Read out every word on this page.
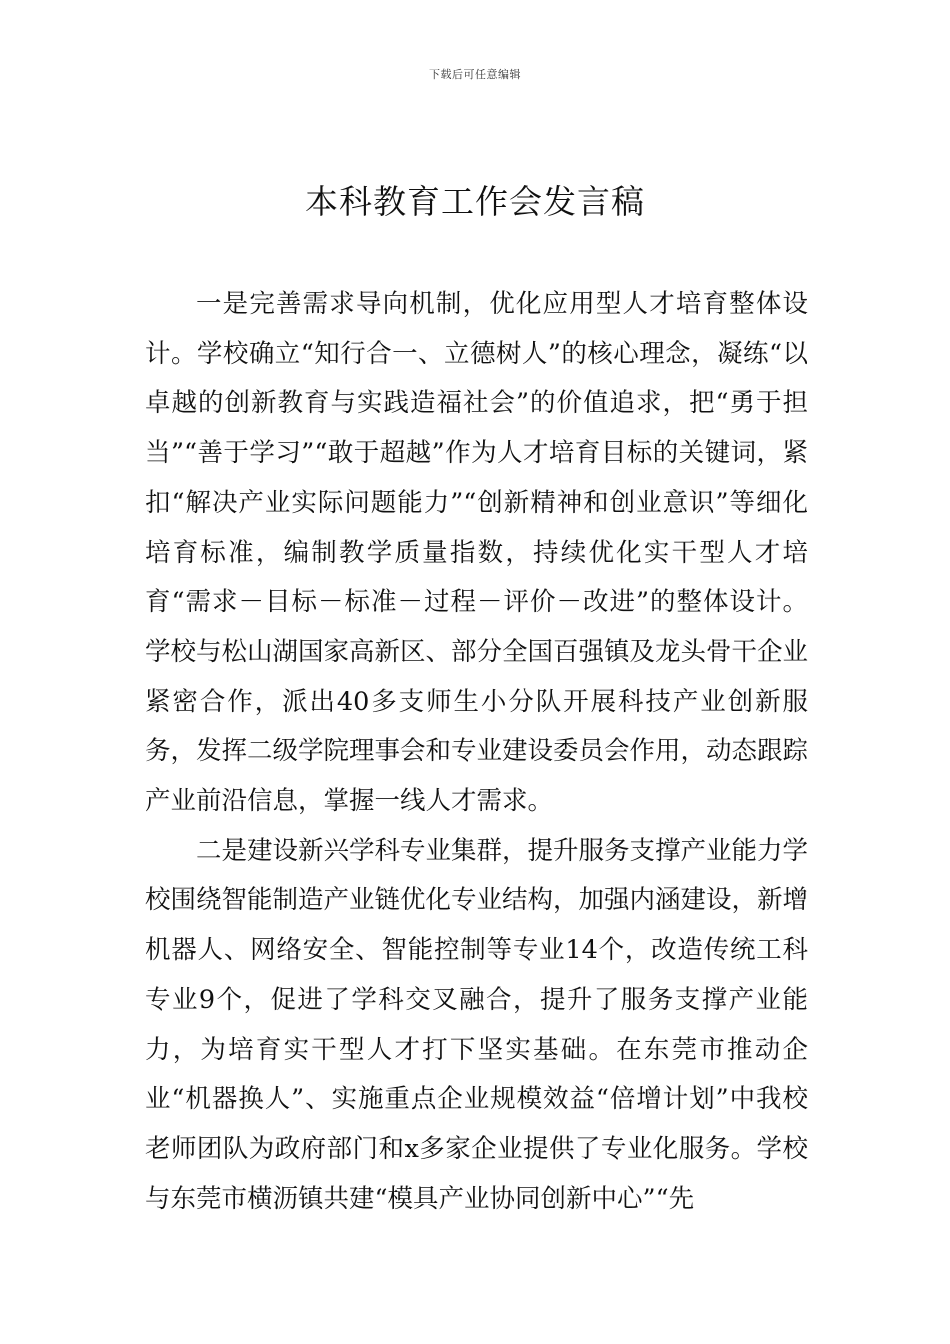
下载后可任意编辑
本科教育工作会发言稿

一是完善需求导向机制，优化应用型人才培育整体设计。学校确立“知行合一、立德树人”的核心理念，凝练“以卓越的创新教育与实践造福社会”的价值追求，把“勇于担当”“善于学习”“敢于超越”作为人才培育目标的关键词，紧扣“解决产业实际问题能力”“创新精神和创业意识”等细化培育标准，编制教学质量指数，持续优化实干型人才培育“需求－目标－标准－过程－评价－改进”的整体设计。学校与松山湖国家高新区、部分全国百强镇及龙头骨干企业紧密合作，派出40多支师生小分队开展科技产业创新服务，发挥二级学院理事会和专业建设委员会作用，动态跟踪产业前沿信息，掌握一线人才需求。

二是建设新兴学科专业集群，提升服务支撑产业能力学校围绕智能制造产业链优化专业结构，加强内涵建设，新增机器人、网络安全、智能控制等专业14个，改造传统工科专业9个，促进了学科交叉融合，提升了服务支撑产业能力，为培育实干型人才打下坚实基础。在东莞市推动企业“机器换人”、实施重点企业规模效益“倍增计划”中我校老师团队为政府部门和x多家企业提供了专业化服务。学校与东莞市横沥镇共建“模具产业协同创新中心”“先
